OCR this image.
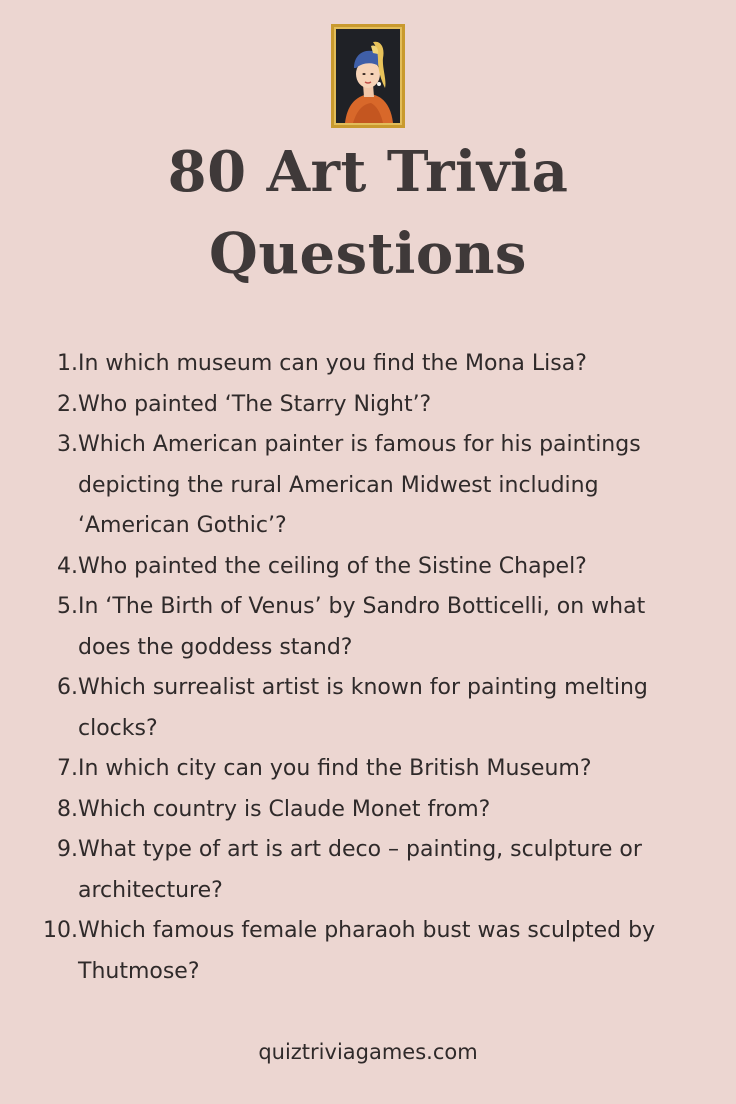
80 Art Trivia
Questions
1. In which museum can you find the Mona Lisa?
2. Who painted ‘The Starry Night’?
3. Which American painter is famous for his paintings depicting the rural American Midwest including ‘American Gothic’?
4. Who painted the ceiling of the Sistine Chapel?
5. In ‘The Birth of Venus’ by Sandro Botticelli, on what does the goddess stand?
6. Which surrealist artist is known for painting melting clocks?
7. In which city can you find the British Museum?
8. Which country is Claude Monet from?
9. What type of art is art deco – painting, sculpture or architecture?
10. Which famous female pharaoh bust was sculpted by Thutmose?
quiztriviagames.com
